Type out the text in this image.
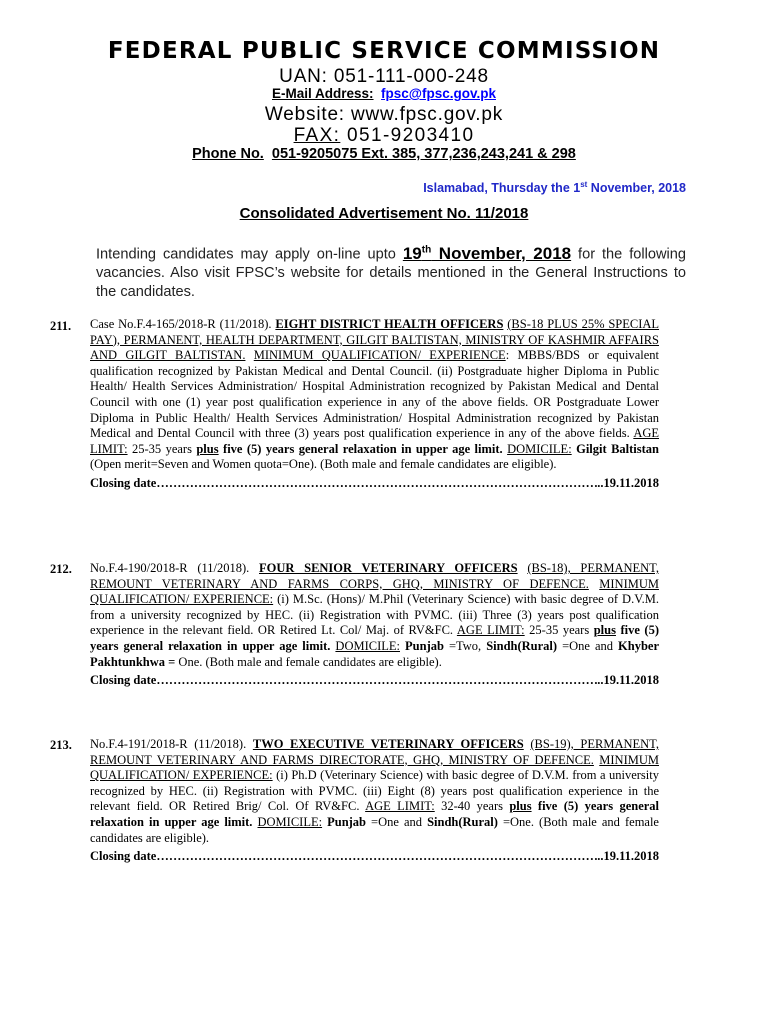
FEDERAL PUBLIC SERVICE COMMISSION

UAN: 051-111-000-248

E-Mail Address: fpsc@fpsc.gov.pk

Website: www.fpsc.gov.pk

FAX: 051-9203410

Phone No. 051-9205075 Ext. 385, 377,236,243,241 & 298

Islamabad, Thursday the 1st November, 2018

Consolidated Advertisement No. 11/2018

Intending candidates may apply on-line upto 19th November, 2018 for the following vacancies. Also visit FPSC’s website for details mentioned in the General Instructions to the candidates.

211. Case No.F.4-165/2018-R (11/2018). EIGHT DISTRICT HEALTH OFFICERS (BS-18 PLUS 25% SPECIAL PAY), PERMANENT, HEALTH DEPARTMENT, GILGIT BALTISTAN, MINISTRY OF KASHMIR AFFAIRS AND GILGIT BALTISTAN. MINIMUM QUALIFICATION/ EXPERIENCE: MBBS/BDS or equivalent qualification recognized by Pakistan Medical and Dental Council. (ii) Postgraduate higher Diploma in Public Health/ Health Services Administration/ Hospital Administration recognized by Pakistan Medical and Dental Council with one (1) year post qualification experience in any of the above fields. OR Postgraduate Lower Diploma in Public Health/ Health Services Administration/ Hospital Administration recognized by Pakistan Medical and Dental Council with three (3) years post qualification experience in any of the above fields. AGE LIMIT: 25-35 years plus five (5) years general relaxation in upper age limit. DOMICILE: Gilgit Baltistan (Open merit=Seven and Women quota=One). (Both male and female candidates are eligible).
Closing date ……………………………………………………………………………………………………………………………………	..19.11.2018

212. No.F.4-190/2018-R (11/2018). FOUR SENIOR VETERINARY OFFICERS (BS-18), PERMANENT, REMOUNT VETERINARY AND FARMS CORPS, GHQ, MINISTRY OF DEFENCE. MINIMUM QUALIFICATION/ EXPERIENCE: (i) M.Sc. (Hons)/ M.Phil (Veterinary Science) with basic degree of D.V.M. from a university recognized by HEC. (ii) Registration with PVMC. (iii) Three (3) years post qualification experience in the relevant field. OR Retired Lt. Col/ Maj. of RV&FC. AGE LIMIT: 25-35 years plus five (5) years general relaxation in upper age limit. DOMICILE: Punjab =Two, Sindh(Rural) =One and Khyber Pakhtunkhwa = One. (Both male and female candidates are eligible).
Closing date ……………………………………………………………………………………………………………………………………	..19.11.2018

213. No.F.4-191/2018-R (11/2018). TWO EXECUTIVE VETERINARY OFFICERS (BS-19), PERMANENT, REMOUNT VETERINARY AND FARMS DIRECTORATE, GHQ, MINISTRY OF DEFENCE. MINIMUM QUALIFICATION/ EXPERIENCE: (i) Ph.D (Veterinary Science) with basic degree of D.V.M. from a university recognized by HEC. (ii) Registration with PVMC. (iii) Eight (8) years post qualification experience in the relevant field. OR Retired Brig/ Col. Of RV&FC. AGE LIMIT: 32-40 years plus five (5) years general relaxation in upper age limit. DOMICILE: Punjab =One and Sindh(Rural) =One. (Both male and female candidates are eligible).
Closing date ……………………………………………………………………………………………………………………………………	..19.11.2018
